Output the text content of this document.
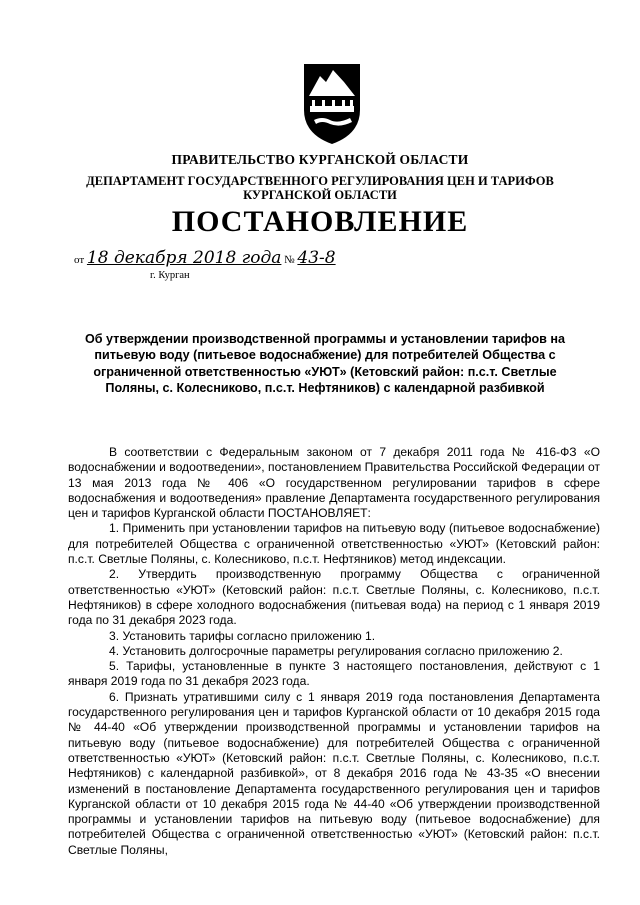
ПРАВИТЕЛЬСТВО КУРГАНСКОЙ ОБЛАСТИ
ДЕПАРТАМЕНТ ГОСУДАРСТВЕННОГО РЕГУЛИРОВАНИЯ ЦЕН И ТАРИФОВ
КУРГАНСКОЙ ОБЛАСТИ
ПОСТАНОВЛЕНИЕ
от 18 декабря 2018 года № 43-8
г. Курган
Об утверждении производственной программы и установлении тарифов на питьевую воду (питьевое водоснабжение) для потребителей Общества с ограниченной ответственностью «УЮТ» (Кетовский район: п.с.т. Светлые Поляны, с. Колесниково, п.с.т. Нефтяников) с календарной разбивкой

В соответствии с Федеральным законом от 7 декабря 2011 года № 416-ФЗ «О водоснабжении и водоотведении», постановлением Правительства Российской Федерации от 13 мая 2013 года № 406 «О государственном регулировании тарифов в сфере водоснабжения и водоотведения» правление Департамента государственного регулирования цен и тарифов Курганской области ПОСТАНОВЛЯЕТ:

1. Применить при установлении тарифов на питьевую воду (питьевое водоснабжение) для потребителей Общества с ограниченной ответственностью «УЮТ» (Кетовский район: п.с.т. Светлые Поляны, с. Колесниково, п.с.т. Нефтяников) метод индексации.

2. Утвердить производственную программу Общества с ограниченной ответственностью «УЮТ» (Кетовский район: п.с.т. Светлые Поляны, с. Колесниково, п.с.т. Нефтяников) в сфере холодного водоснабжения (питьевая вода) на период с 1 января 2019 года по 31 декабря 2023 года.

3. Установить тарифы согласно приложению 1.

4. Установить долгосрочные параметры регулирования согласно приложению 2.

5. Тарифы, установленные в пункте 3 настоящего постановления, действуют с 1 января 2019 года по 31 декабря 2023 года.

6. Признать утратившими силу с 1 января 2019 года постановления Департамента государственного регулирования цен и тарифов Курганской области от 10 декабря 2015 года № 44-40 «Об утверждении производственной программы и установлении тарифов на питьевую воду (питьевое водоснабжение) для потребителей Общества с ограниченной ответственностью «УЮТ» (Кетовский район: п.с.т. Светлые Поляны, с. Колесниково, п.с.т. Нефтяников) с календарной разбивкой», от 8 декабря 2016 года № 43-35 «О внесении изменений в постановление Департамента государственного регулирования цен и тарифов Курганской области от 10 декабря 2015 года № 44-40 «Об утверждении производственной программы и установлении тарифов на питьевую воду (питьевое водоснабжение) для потребителей Общества с ограниченной ответственностью «УЮТ» (Кетовский район: п.с.т. Светлые Поляны,
